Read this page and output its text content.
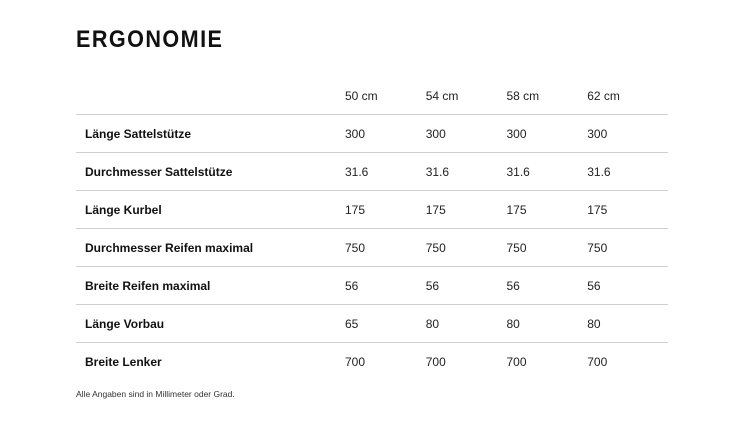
ERGONOMIE
	50 cm	54 cm	58 cm	62 cm
Länge Sattelstütze	300	300	300	300
Durchmesser Sattelstütze	31.6	31.6	31.6	31.6
Länge Kurbel	175	175	175	175
Durchmesser Reifen maximal	750	750	750	750
Breite Reifen maximal	56	56	56	56
Länge Vorbau	65	80	80	80
Breite Lenker	700	700	700	700

Alle Angaben sind in Millimeter oder Grad.
